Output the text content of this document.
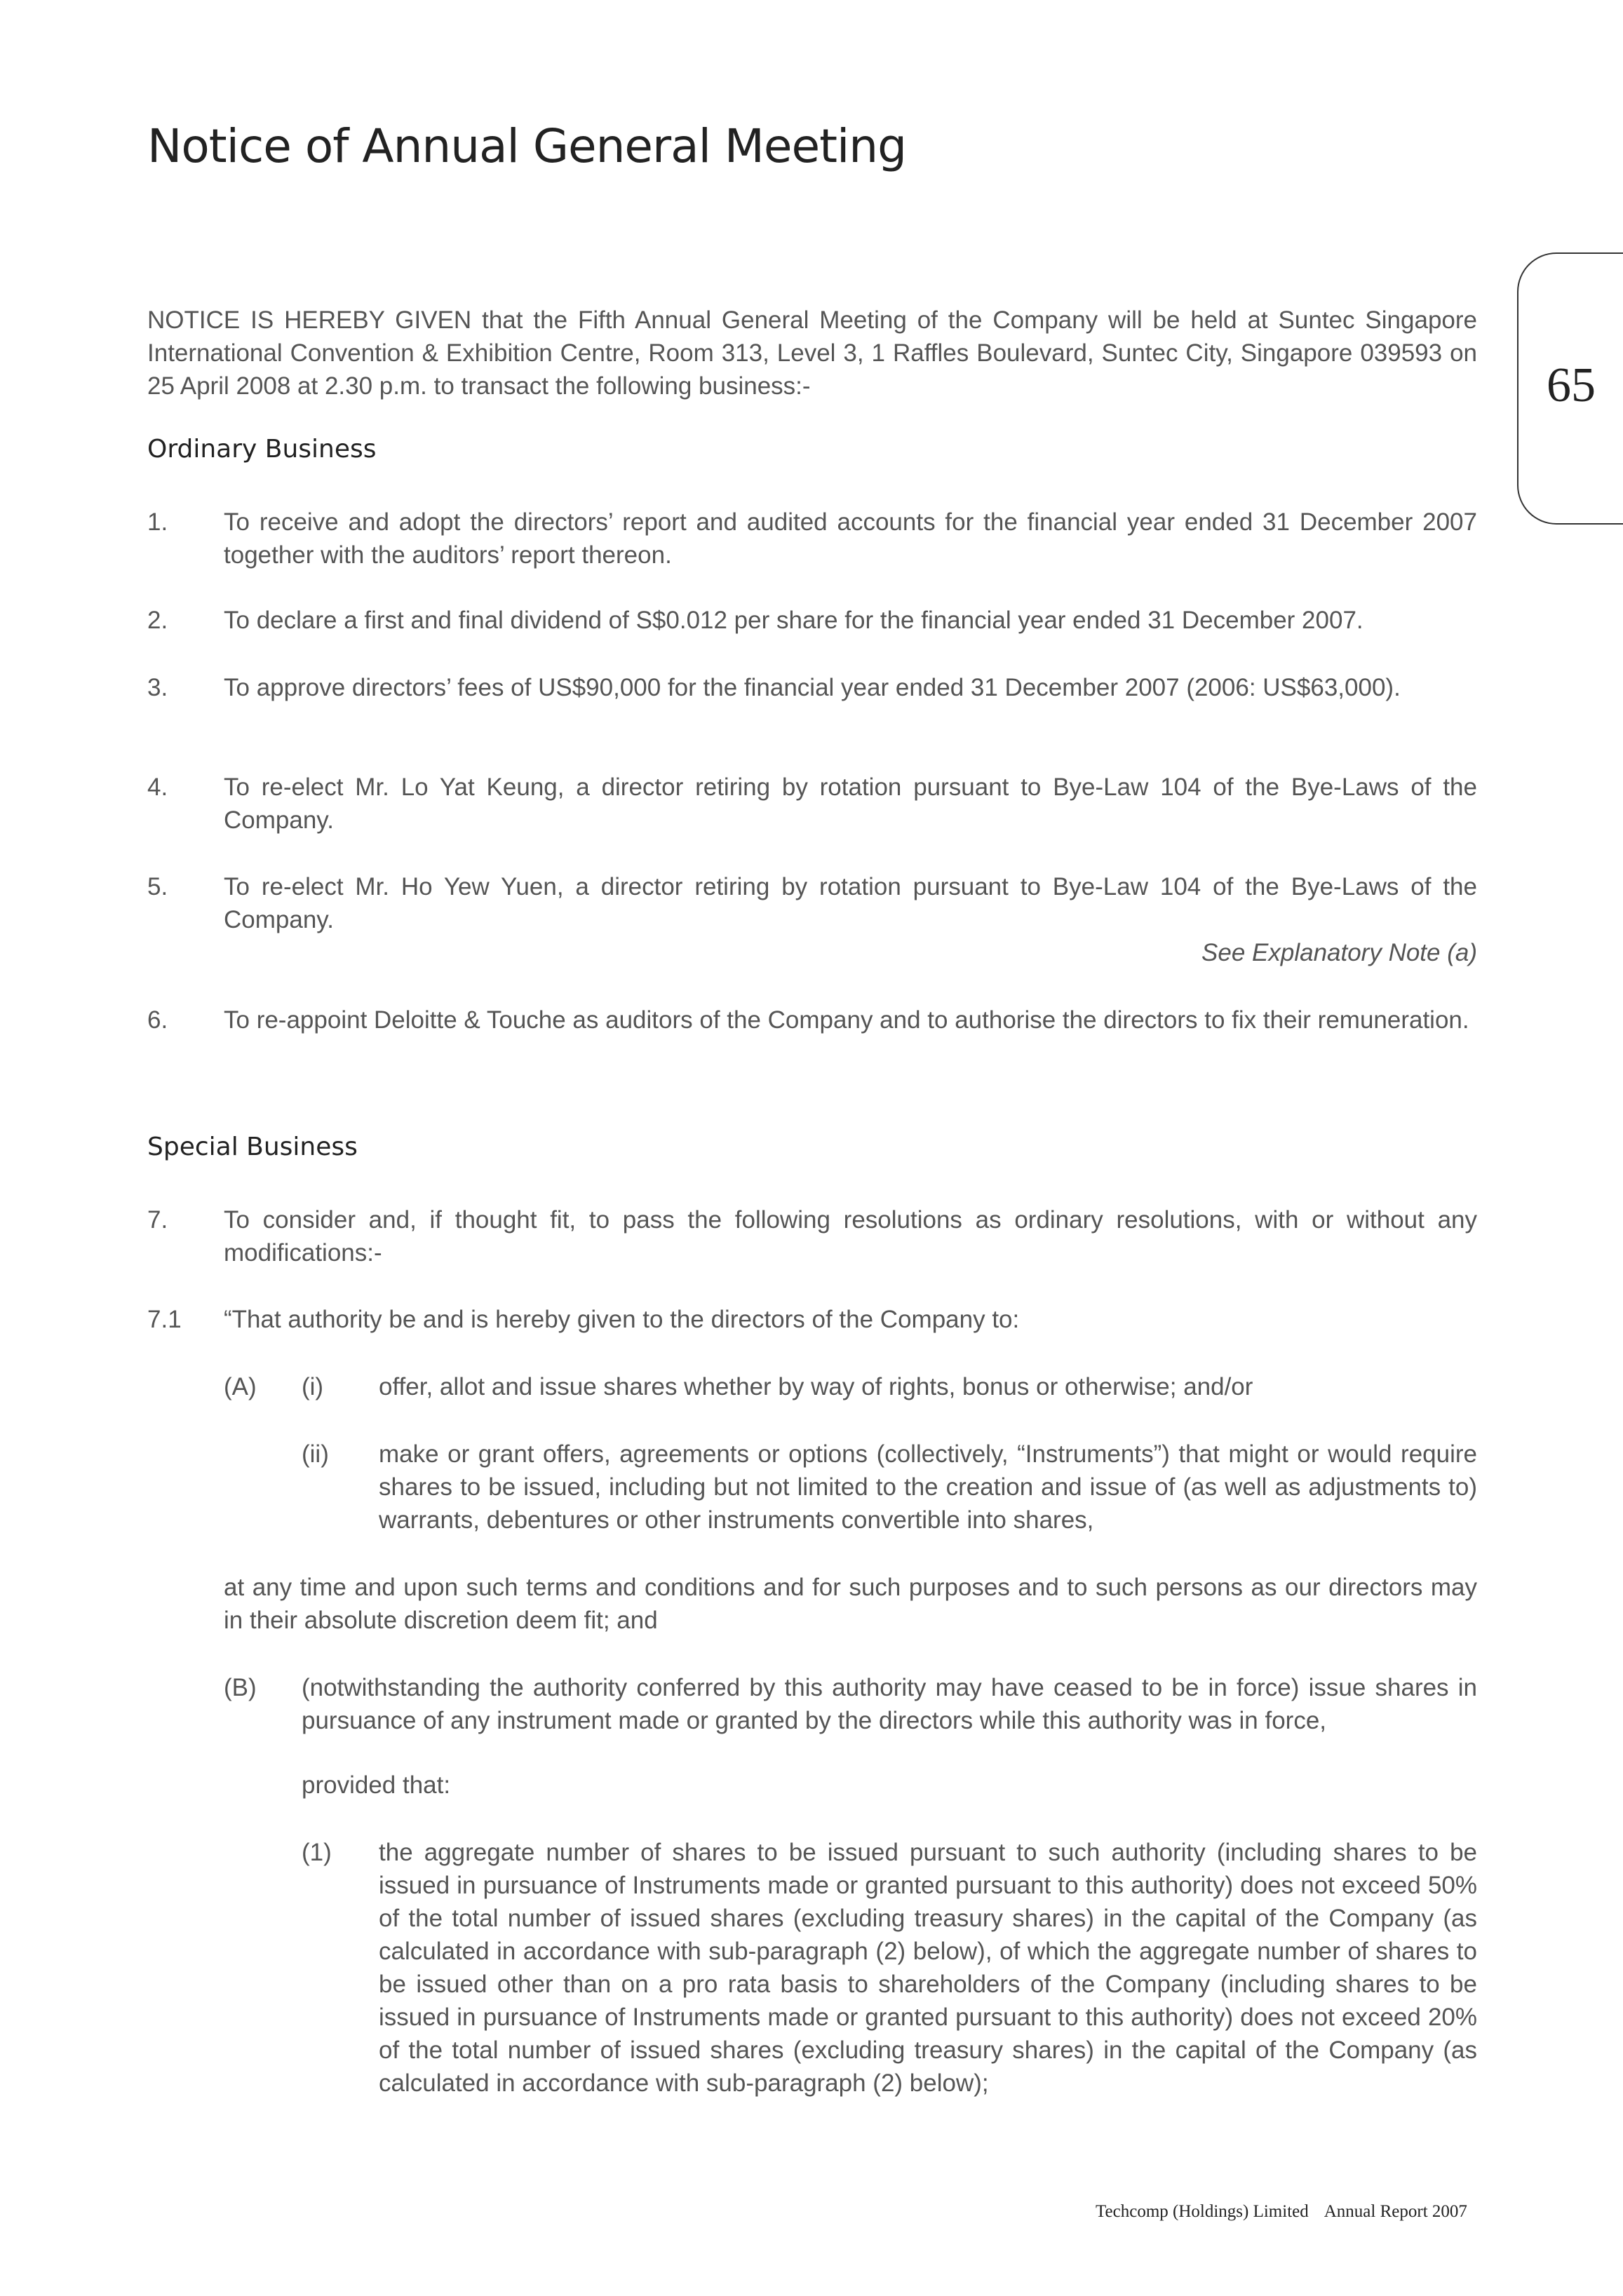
Notice of Annual General Meeting
65
NOTICE IS HEREBY GIVEN that the Fifth Annual General Meeting of the Company will be held at Suntec Singapore International Convention & Exhibition Centre, Room 313, Level 3, 1 Raffles Boulevard, Suntec City, Singapore 039593 on 25 April 2008 at 2.30 p.m. to transact the following business:-
Ordinary Business
1. To receive and adopt the directors’ report and audited accounts for the financial year ended 31 December 2007 together with the auditors’ report thereon.
2. To declare a first and final dividend of S$0.012 per share for the financial year ended 31 December 2007.
3. To approve directors’ fees of US$90,000 for the financial year ended 31 December 2007 (2006: US$63,000).
4. To re-elect Mr. Lo Yat Keung, a director retiring by rotation pursuant to Bye-Law 104 of the Bye-Laws of the Company.
5. To re-elect Mr. Ho Yew Yuen, a director retiring by rotation pursuant to Bye-Law 104 of the Bye-Laws of the Company.
See Explanatory Note (a)
6. To re-appoint Deloitte & Touche as auditors of the Company and to authorise the directors to fix their remuneration.
Special Business
7. To consider and, if thought fit, to pass the following resolutions as ordinary resolutions, with or without any modifications:-
7.1 “That authority be and is hereby given to the directors of the Company to:
(A) (i) offer, allot and issue shares whether by way of rights, bonus or otherwise; and/or
(ii) make or grant offers, agreements or options (collectively, “Instruments”) that might or would require shares to be issued, including but not limited to the creation and issue of (as well as adjustments to) warrants, debentures or other instruments convertible into shares,
at any time and upon such terms and conditions and for such purposes and to such persons as our directors may in their absolute discretion deem fit; and
(B) (notwithstanding the authority conferred by this authority may have ceased to be in force) issue shares in pursuance of any instrument made or granted by the directors while this authority was in force,
provided that:
(1) the aggregate number of shares to be issued pursuant to such authority (including shares to be issued in pursuance of Instruments made or granted pursuant to this authority) does not exceed 50% of the total number of issued shares (excluding treasury shares) in the capital of the Company (as calculated in accordance with sub-paragraph (2) below), of which the aggregate number of shares to be issued other than on a pro rata basis to shareholders of the Company (including shares to be issued in pursuance of Instruments made or granted pursuant to this authority) does not exceed 20% of the total number of issued shares (excluding treasury shares) in the capital of the Company (as calculated in accordance with sub-paragraph (2) below);
Techcomp (Holdings) Limited Annual Report 2007
